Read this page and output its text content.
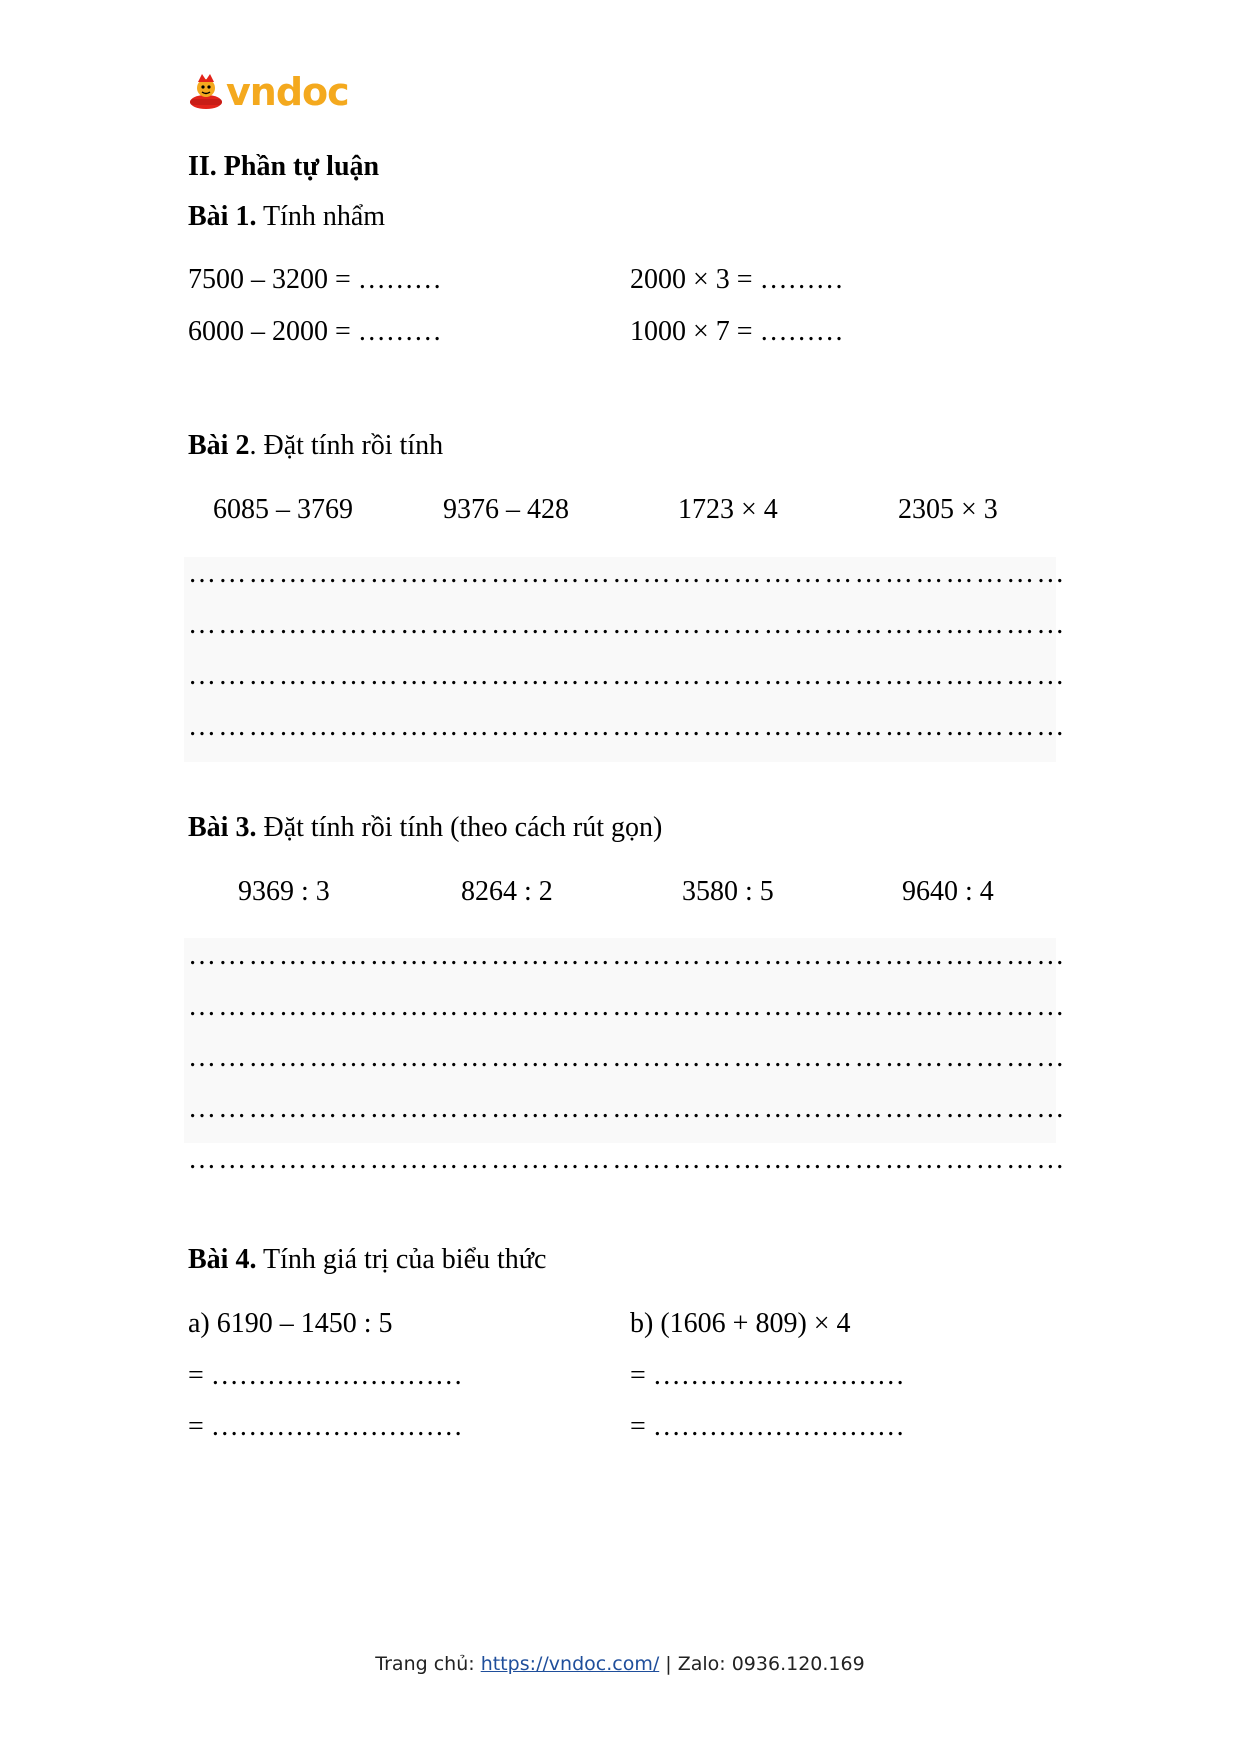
vndoc
II. Phần tự luận
Bài 1. Tính nhẩm
7500 – 3200 = ………	2000 × 3 = ………
6000 – 2000 = ………	1000 × 7 = ………
Bài 2. Đặt tính rồi tính
6085 – 3769	9376 – 428	1723 × 4	2305 × 3
……………………………………………………………………………
……………………………………………………………………………
……………………………………………………………………………
……………………………………………………………………………
Bài 3. Đặt tính rồi tính (theo cách rút gọn)
9369 : 3	8264 : 2	3580 : 5	9640 : 4
……………………………………………………………………………
……………………………………………………………………………
……………………………………………………………………………
……………………………………………………………………………
……………………………………………………………………………
Bài 4. Tính giá trị của biểu thức
a) 6190 – 1450 : 5	b) (1606 + 809) × 4
= ………………………	= ………………………
= ………………………	= ………………………
Trang chủ: https://vndoc.com/ | Zalo: 0936.120.169
